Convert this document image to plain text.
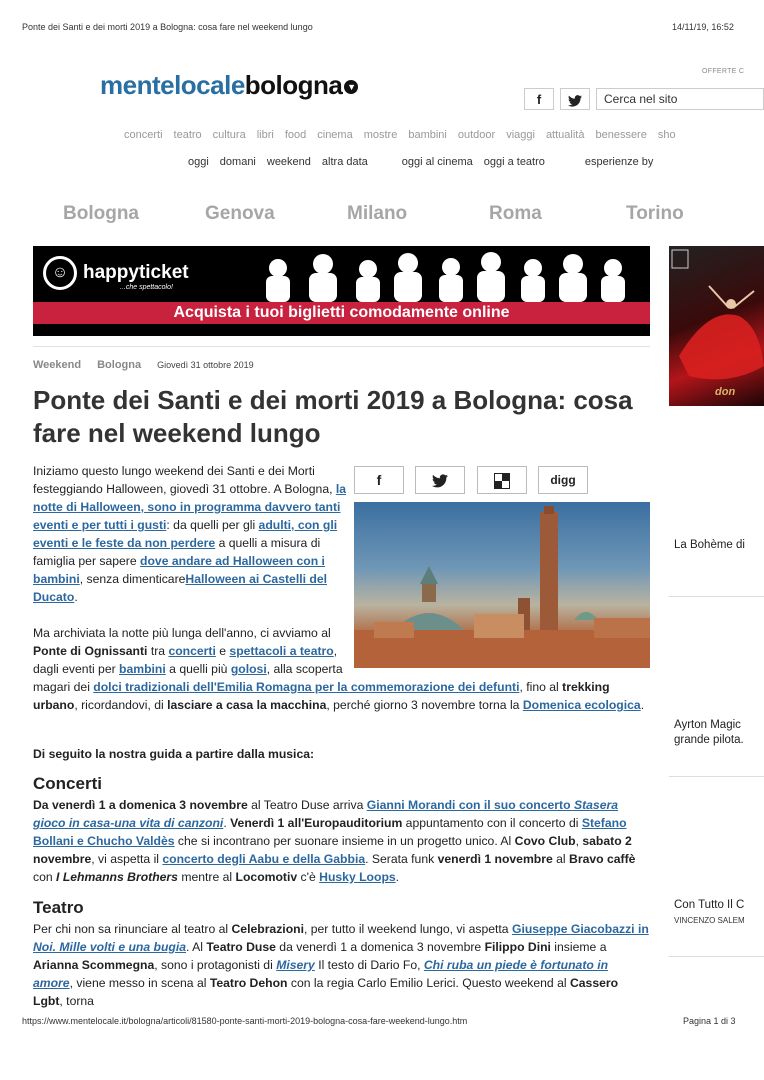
Ponte dei Santi e dei morti 2019 a Bologna: cosa fare nel weekend lungo	14/11/19, 16:52
mentelocalebologna ▼
OFFERTE C
f	Cerca nel sito
concerti teatro cultura libri food cinema mostre bambini outdoor viaggi attualità benessere sho
oggi domani weekend altra data	oggi al cinema oggi a teatro	esperienze by
Bologna	Genova	Milano	Roma	Torino
☺ happyticket
...che spettacolo!
Acquista i tuoi biglietti comodamente online
don
Weekend Bologna Giovedì 31 ottobre 2019
Ponte dei Santi e dei morti 2019 a Bologna: cosa fare nel weekend lungo
f	digg
Iniziamo questo lungo weekend dei Santi e dei Morti festeggiando Halloween, giovedì 31 ottobre. A Bologna, la notte di Halloween, sono in programma davvero tanti eventi e per tutti i gusti: da quelli per gli adulti, con gli eventi e le feste da non perdere a quelli a misura di famiglia per sapere dove andare ad Halloween con i bambini, senza dimenticareHalloween ai Castelli del Ducato.
Ma archiviata la notte più lunga dell'anno, ci avviamo al Ponte di Ognissanti tra concerti e spettacoli a teatro, dagli eventi per bambini a quelli più golosi, alla scoperta magari dei dolci tradizionali dell'Emilia Romagna per la commemorazione dei defunti, fino al trekking urbano, ricordandovi, di lasciare a casa la macchina, perché giorno 3 novembre torna la Domenica ecologica.
Di seguito la nostra guida a partire dalla musica:
Concerti
Da venerdì 1 a domenica 3 novembre al Teatro Duse arriva Gianni Morandi con il suo concerto Stasera gioco in casa-una vita di canzoni. Venerdì 1 all'Europauditorium appuntamento con il concerto di Stefano Bollani e Chucho Valdès che si incontrano per suonare insieme in un progetto unico. Al Covo Club, sabato 2 novembre, vi aspetta il concerto degli Aabu e della Gabbia. Serata funk venerdì 1 novembre al Bravo caffè con I Lehmanns Brothers mentre al Locomotiv c'è Husky Loops.
Teatro
Per chi non sa rinunciare al teatro al Celebrazioni, per tutto il weekend lungo, vi aspetta Giuseppe Giacobazzi in Noi. Mille volti e una bugia. Al Teatro Duse da venerdì 1 a domenica 3 novembre Filippo Dini insieme a Arianna Scommegna, sono i protagonisti di Misery Il testo di Dario Fo, Chi ruba un piede è fortunato in amore, viene messo in scena al Teatro Dehon con la regia Carlo Emilio Lerici. Questo weekend al Cassero Lgbt, torna
La Bohème di
Ayrton Magic
grande pilota.
Con Tutto Il C
VINCENZO SALEM
https://www.mentelocale.it/bologna/articoli/81580-ponte-santi-morti-2019-bologna-cosa-fare-weekend-lungo.htm	Pagina 1 di 3
